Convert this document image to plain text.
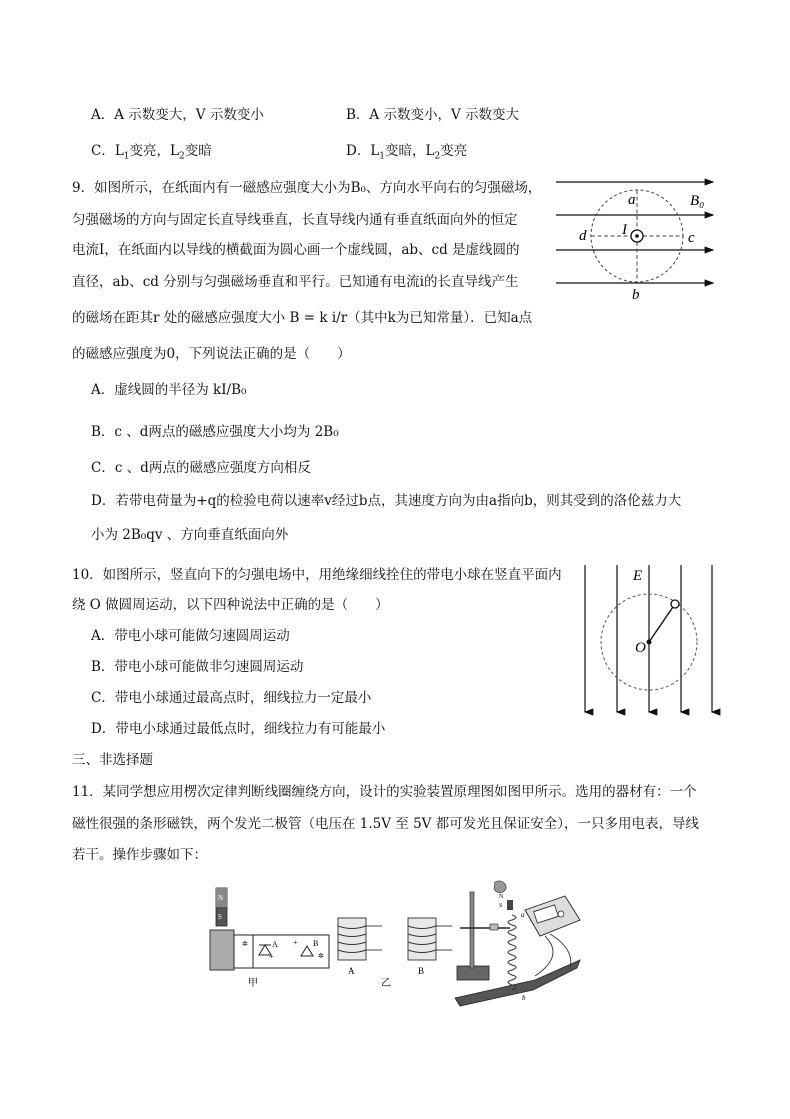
A．A 示数变大，V 示数变小	B．A 示数变小，V 示数变大
C．$L_1$变亮，$L_2$变暗	D．$L_1$变暗，$L_2$变亮
9．如图所示，在纸面内有一磁感应强度大小为B₀、方向水平向右的匀强磁场，
匀强磁场的方向与固定长直导线垂直，长直导线内通有垂直纸面向外的恒定
电流I，在纸面内以导线的横截面为圆心画一个虚线圆，ab、cd 是虚线圆的
直径，ab、cd 分别与匀强磁场垂直和平行。已知通有电流i的长直导线产生
的磁场在距其r 处的磁感应强度大小 B = k i/r（其中k为已知常量）．已知a点
的磁感应强度为0，下列说法正确的是（　　）
A．虚线圆的半径为 kI/B₀
B．c 、d两点的磁感应强度大小均为 2B₀
C．c 、d两点的磁感应强度方向相反
D．若带电荷量为+q的检验电荷以速率v经过b点，其速度方向为由a指向b，则其受到的洛伦兹力大
小为 2B₀qv 、方向垂直纸面向外
a
b
c
d I
B₀
10．如图所示，竖直向下的匀强电场中，用绝缘细线拴住的带电小球在竖直平面内
绕 O 做圆周运动，以下四种说法中正确的是（　　）
A．带电小球可能做匀速圆周运动
B．带电小球可能做非匀速圆周运动
C．带电小球通过最高点时，细线拉力一定最小
D．带电小球通过最低点时，细线拉力有可能最小
E
O
三、非选择题
11．某同学想应用楞次定律判断线圈缠绕方向，设计的实验装置原理图如图甲所示。选用的器材有：一个
磁性很强的条形磁铁，两个发光二极管（电压在 1.5V 至 5V 都可发光且保证安全），一只多用电表，导线
若干。操作步骤如下：
N
S
A
+
✲	+ B
✲
甲
A	B
乙
a
b
N
S
